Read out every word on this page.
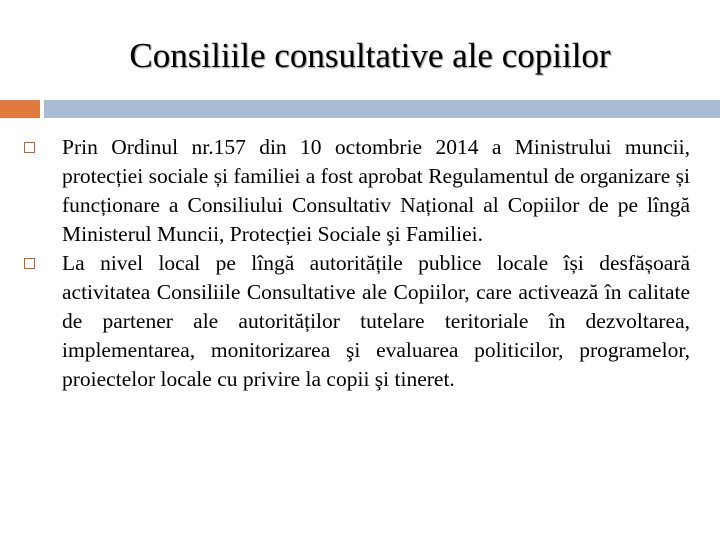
Consiliile consultative ale copiilor
Prin Ordinul nr.157 din 10 octombrie 2014 a Ministrului muncii, protecției sociale și familiei a fost aprobat Regulamentul de organizare și funcționare a Consiliului Consultativ Național al Copiilor de pe lîngă Ministerul Muncii, Protecției Sociale şi Familiei.
La nivel local pe lîngă autoritățile publice locale își desfășoară activitatea Consiliile Consultative ale Copiilor, care activează în calitate de partener ale autorităților tutelare teritoriale în dezvoltarea, implementarea, monitorizarea şi evaluarea politicilor, programelor, proiectelor locale cu privire la copii şi tineret.
